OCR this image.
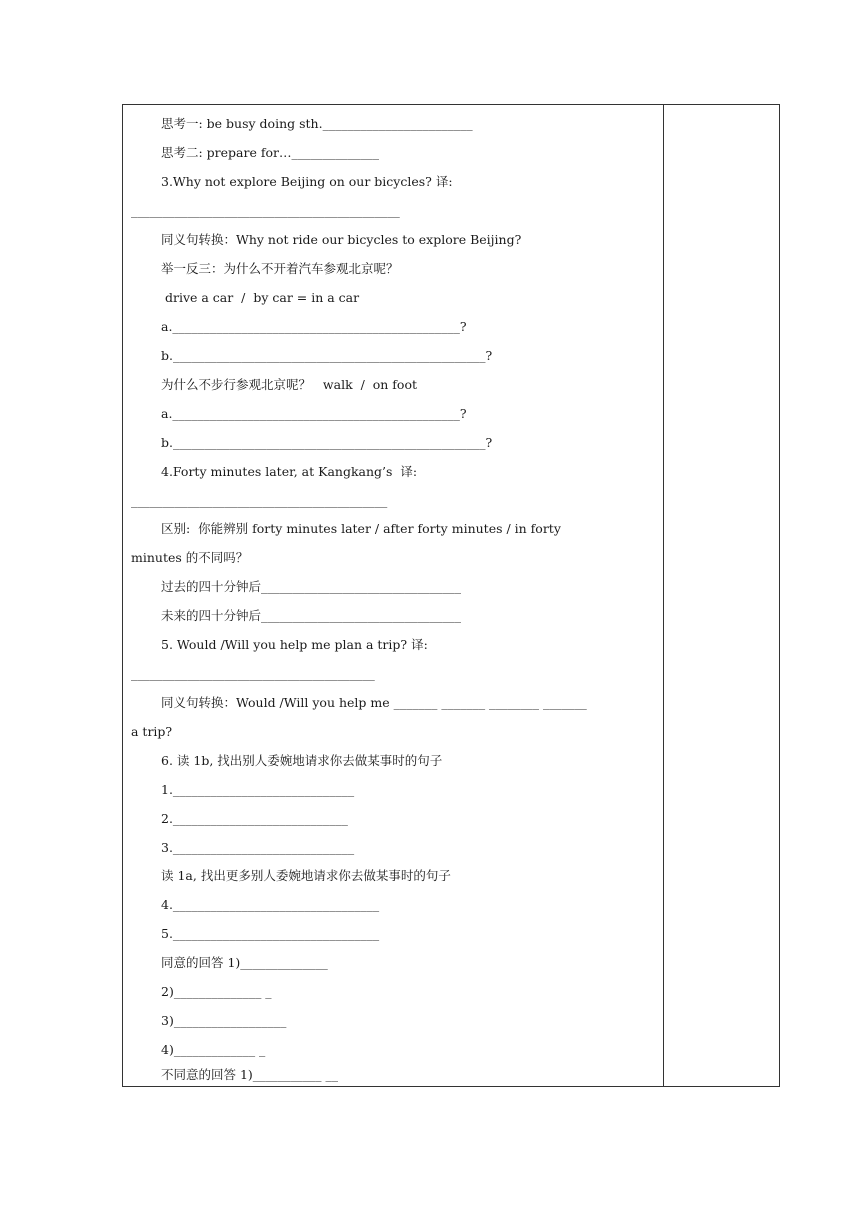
思考一: be busy doing sth.________________________
思考二: prepare for…______________
3.Why not explore Beijing on our bicycles? 译:
___________________________________________
同义句转换：Why not ride our bicycles to explore Beijing?
举一反三：为什么不开着汽车参观北京呢？
drive a car  /  by car = in a car
a.______________________________________________?
b.__________________________________________________?
为什么不步行参观北京呢？   walk  /  on foot
a.______________________________________________?
b.__________________________________________________?
4.Forty minutes later, at Kangkang’s  译:
_________________________________________
区别:  你能辨别 forty minutes later / after forty minutes / in forty
minutes 的不同吗？
过去的四十分钟后________________________________
未来的四十分钟后________________________________
5. Would /Will you help me plan a trip? 译:
_______________________________________
同义句转换：Would /Will you help me _______ _______ ________ _______
a trip?
6. 读 1b, 找出别人委婉地请求你去做某事时的句子
1._____________________________
2.____________________________
3._____________________________
读 1a, 找出更多别人委婉地请求你去做某事时的句子
4._________________________________
5._________________________________
同意的回答 1)______________
2)______________ _
3)__________________
4)_____________ _
不同意的回答 1)___________ __
